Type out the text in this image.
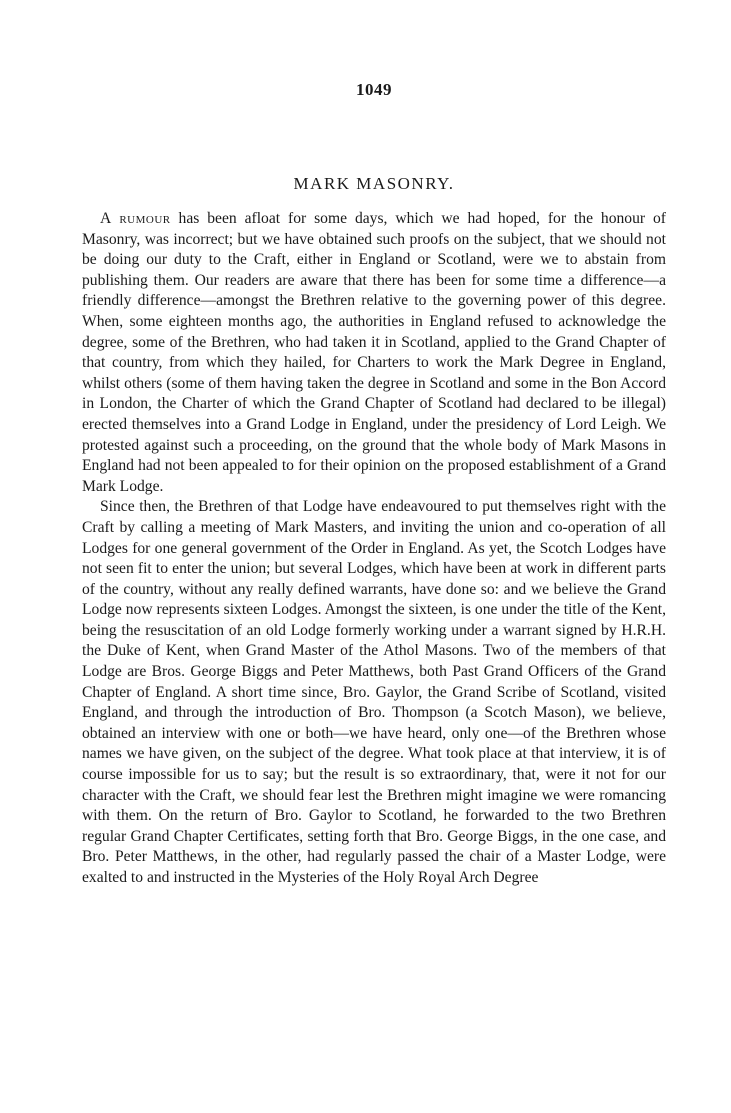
1049
MARK MASONRY.

A rumour has been afloat for some days, which we had hoped, for the honour of Masonry, was incorrect; but we have obtained such proofs on the subject, that we should not be doing our duty to the Craft, either in England or Scotland, were we to abstain from publishing them. Our readers are aware that there has been for some time a difference—a friendly difference—amongst the Brethren relative to the governing power of this degree. When, some eighteen months ago, the authorities in England refused to acknowledge the degree, some of the Brethren, who had taken it in Scotland, applied to the Grand Chapter of that country, from which they hailed, for Charters to work the Mark Degree in England, whilst others (some of them having taken the degree in Scotland and some in the Bon Accord in London, the Charter of which the Grand Chapter of Scotland had declared to be illegal) erected themselves into a Grand Lodge in England, under the presidency of Lord Leigh. We protested against such a proceeding, on the ground that the whole body of Mark Masons in England had not been appealed to for their opinion on the proposed establishment of a Grand Mark Lodge.

Since then, the Brethren of that Lodge have endeavoured to put themselves right with the Craft by calling a meeting of Mark Masters, and inviting the union and co-operation of all Lodges for one general government of the Order in England. As yet, the Scotch Lodges have not seen fit to enter the union; but several Lodges, which have been at work in different parts of the country, without any really defined warrants, have done so: and we believe the Grand Lodge now represents sixteen Lodges. Amongst the sixteen, is one under the title of the Kent, being the resuscitation of an old Lodge formerly working under a warrant signed by H.R.H. the Duke of Kent, when Grand Master of the Athol Masons. Two of the members of that Lodge are Bros. George Biggs and Peter Matthews, both Past Grand Officers of the Grand Chapter of England. A short time since, Bro. Gaylor, the Grand Scribe of Scotland, visited England, and through the introduction of Bro. Thompson (a Scotch Mason), we believe, obtained an interview with one or both—we have heard, only one—of the Brethren whose names we have given, on the subject of the degree. What took place at that interview, it is of course impossible for us to say; but the result is so extraordinary, that, were it not for our character with the Craft, we should fear lest the Brethren might imagine we were romancing with them. On the return of Bro. Gaylor to Scotland, he forwarded to the two Brethren regular Grand Chapter Certificates, setting forth that Bro. George Biggs, in the one case, and Bro. Peter Matthews, in the other, had regularly passed the chair of a Master Lodge, were exalted to and instructed in the Mysteries of the Holy Royal Arch Degree
